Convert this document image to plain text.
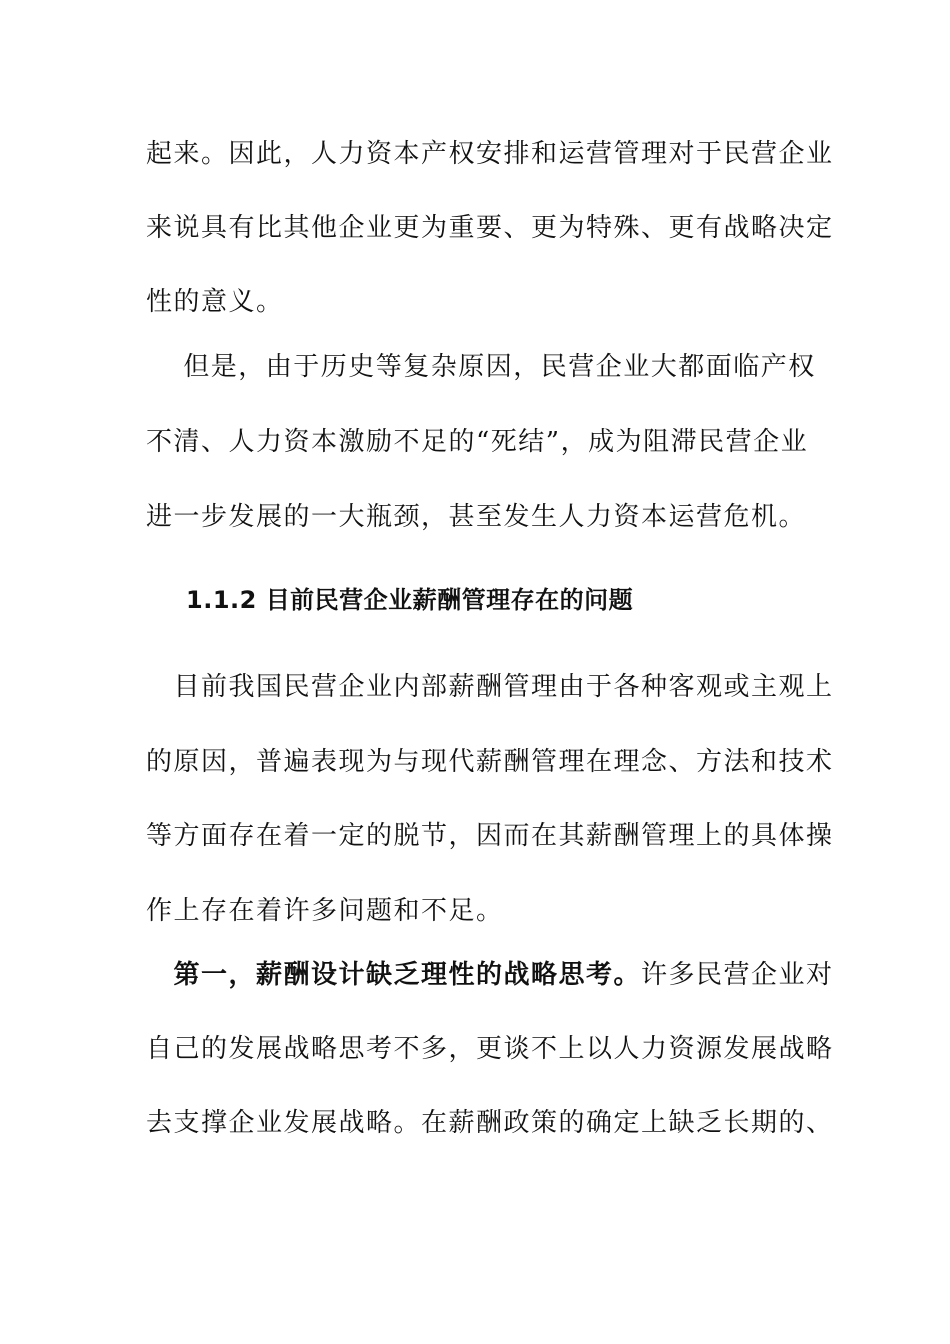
起来。因此，人力资本产权安排和运营管理对于民营企业
来说具有比其他企业更为重要、更为特殊、更有战略决定
性的意义。
　 但是，由于历史等复杂原因，民营企业大都面临产权
不清、人力资本激励不足的“死结”，成为阻滞民营企业
进一步发展的一大瓶颈，甚至发生人力资本运营危机。
1.1.2 目前民营企业薪酬管理存在的问题
　目前我国民营企业内部薪酬管理由于各种客观或主观上
的原因，普遍表现为与现代薪酬管理在理念、方法和技术
等方面存在着一定的脱节，因而在其薪酬管理上的具体操
作上存在着许多问题和不足。
　第一，薪酬设计缺乏理性的战略思考。许多民营企业对
自己的发展战略思考不多，更谈不上以人力资源发展战略
去支撑企业发展战略。在薪酬政策的确定上缺乏长期的、
